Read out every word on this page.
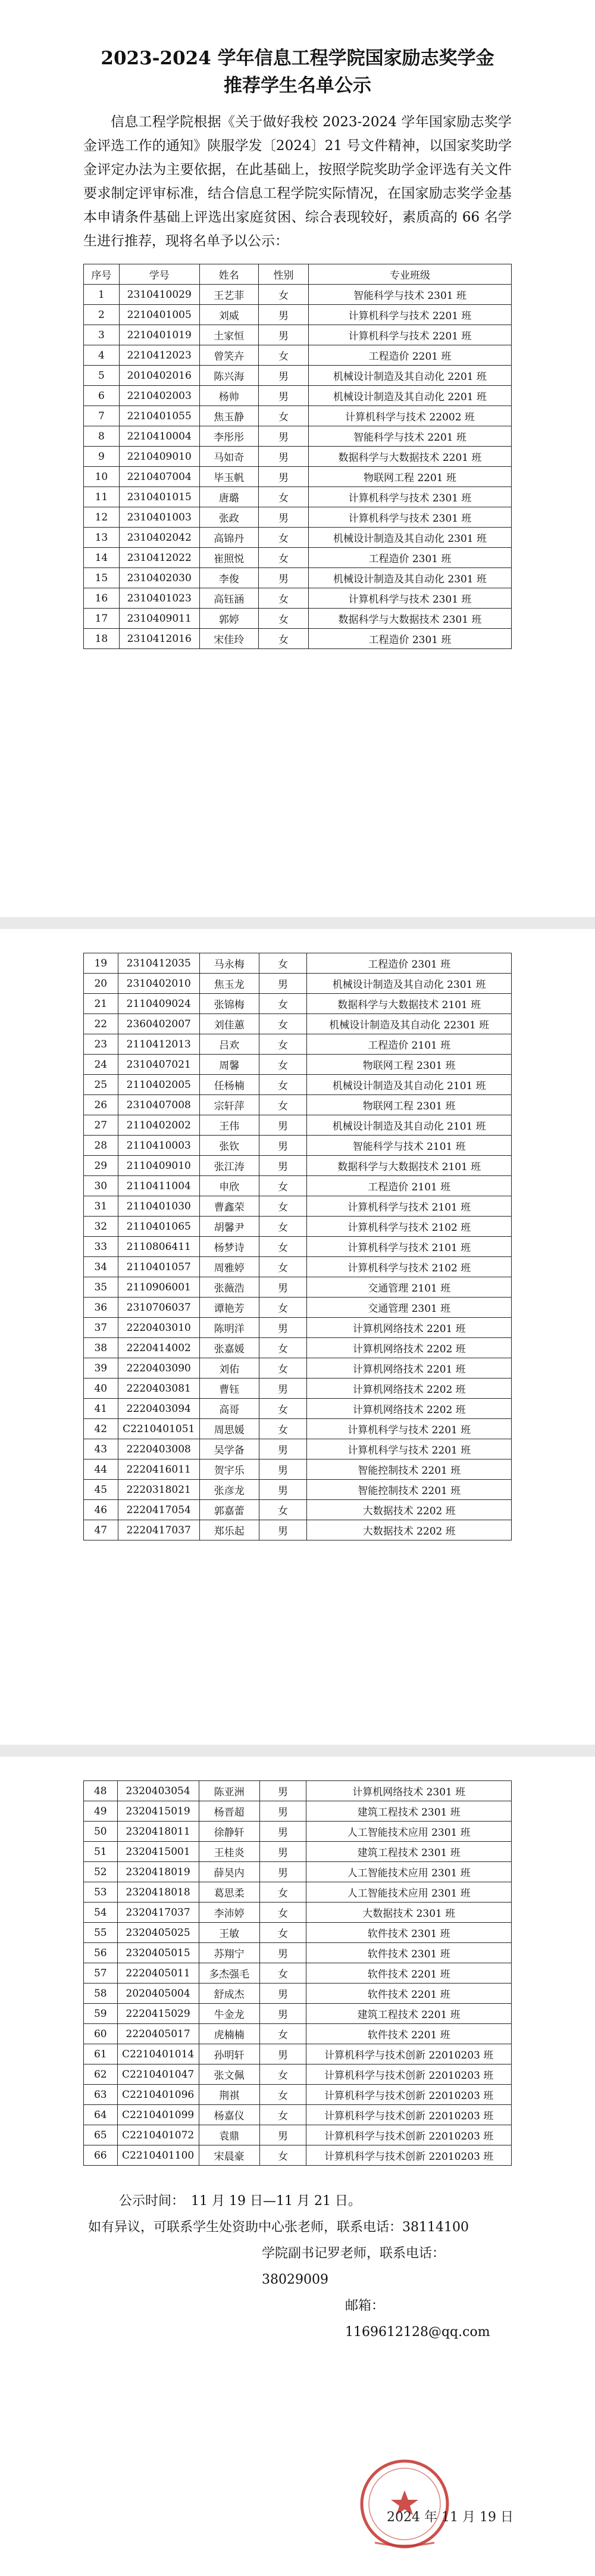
2023-2024 学年信息工程学院国家励志奖学金

推荐学生名单公示

信息工程学院根据《关于做好我校 2023-2024 学年国家励志奖学金评选工作的通知》陕服学发〔2024〕21 号文件精神，以国家奖助学金评定办法为主要依据，在此基础上，按照学院奖助学金评选有关文件要求制定评审标准，结合信息工程学院实际情况，在国家励志奖学金基本申请条件基础上评选出家庭贫困、综合表现较好，素质高的 66 名学生进行推荐，现将名单予以公示：

序号	学号	姓名	性别	专业班级
1	2310410029	王艺菲	女	智能科学与技术 2301 班
2	2210401005	刘威	男	计算机科学与技术 2201 班
3	2210401019	土家恒	男	计算机科学与技术 2201 班
4	2210412023	曾笑卉	女	工程造价 2201 班
5	2010402016	陈兴海	男	机械设计制造及其自动化 2201 班
6	2210402003	杨帅	男	机械设计制造及其自动化 2201 班
7	2210401055	焦玉静	女	计算机科学与技术 22002 班
8	2210410004	李彤彤	男	智能科学与技术 2201 班
9	2210409010	马如奇	男	数据科学与大数据技术 2201 班
10	2210407004	毕玉帆	男	物联网工程 2201 班
11	2310401015	唐璐	女	计算机科学与技术 2301 班
12	2310401003	张政	男	计算机科学与技术 2301 班
13	2310402042	高锦丹	女	机械设计制造及其自动化 2301 班
14	2310412022	崔照悦	女	工程造价 2301 班
15	2310402030	李俊	男	机械设计制造及其自动化 2301 班
16	2310401023	高钰涵	女	计算机科学与技术 2301 班
17	2310409011	郭婷	女	数据科学与大数据技术 2301 班
18	2310412016	宋佳玲	女	工程造价 2301 班
19	2310412035	马永梅	女	工程造价 2301 班
20	2310402010	焦玉龙	男	机械设计制造及其自动化 2301 班
21	2110409024	张锦梅	女	数据科学与大数据技术 2101 班
22	2360402007	刘佳蕙	女	机械设计制造及其自动化 22301 班
23	2110412013	吕欢	女	工程造价 2101 班
24	2310407021	周馨	女	物联网工程 2301 班
25	2110402005	任杨楠	女	机械设计制造及其自动化 2101 班
26	2310407008	宗轩萍	女	物联网工程 2301 班
27	2110402002	王伟	男	机械设计制造及其自动化 2101 班
28	2110410003	张钦	男	智能科学与技术 2101 班
29	2110409010	张江涛	男	数据科学与大数据技术 2101 班
30	2110411004	申欣	女	工程造价 2101 班
31	2110401030	曹鑫荣	女	计算机科学与技术 2101 班
32	2110401065	胡馨尹	女	计算机科学与技术 2102 班
33	2110806411	杨梦诗	女	计算机科学与技术 2101 班
34	2110401057	周雅婷	女	计算机科学与技术 2102 班
35	2110906001	张薇浩	男	交通管理 2101 班
36	2310706037	谭艳芳	女	交通管理 2301 班
37	2220403010	陈明洋	男	计算机网络技术 2201 班
38	2220414002	张嘉媛	女	计算机网络技术 2202 班
39	2220403090	刘佑	女	计算机网络技术 2201 班
40	2220403081	曹钰	男	计算机网络技术 2202 班
41	2220403094	高哥	女	计算机网络技术 2202 班
42	C2210401051	周思媛	女	计算机科学与技术 2201 班
43	2220403008	吴学备	男	计算机科学与技术 2201 班
44	2220416011	贺宇乐	男	智能控制技术 2201 班
45	2220318021	张彦龙	男	智能控制技术 2201 班
46	2220417054	郭嘉蕾	女	大数据技术 2202 班
47	2220417037	郑乐起	男	大数据技术 2202 班
48	2320403054	陈亚洲	男	计算机网络技术 2301 班
49	2320415019	杨晋超	男	建筑工程技术 2301 班
50	2320418011	徐静轩	男	人工智能技术应用 2301 班
51	2320415001	王桂炎	男	建筑工程技术 2301 班
52	2320418019	薛昊内	男	人工智能技术应用 2301 班
53	2320418018	葛思柔	女	人工智能技术应用 2301 班
54	2320417037	李沛婷	女	大数据技术 2301 班
55	2320405025	王敏	女	软件技术 2301 班
56	2320405015	苏翔宁	男	软件技术 2301 班
57	2220405011	多杰强毛	女	软件技术 2201 班
58	2020405004	舒成杰	男	软件技术 2201 班
59	2220415029	牛金龙	男	建筑工程技术 2201 班
60	2220405017	虎楠楠	女	软件技术 2201 班
61	C2210401014	孙明轩	男	计算机科学与技术创新 22010203 班
62	C2210401047	张文佩	女	计算机科学与技术创新 22010203 班
63	C2210401096	荆祺	女	计算机科学与技术创新 22010203 班
64	C2210401099	杨嘉仪	女	计算机科学与技术创新 22010203 班
65	C2210401072	袁鼎	男	计算机科学与技术创新 22010203 班
66	C2210401100	宋晨豪	女	计算机科学与技术创新 22010203 班

公示时间：　11 月 19 日—11 月 21 日。

如有异议，可联系学生处资助中心张老师，联系电话：38114100

学院副书记罗老师，联系电话：　38029009

邮箱：1169612128@qq.com

2024 年 11 月 19 日
